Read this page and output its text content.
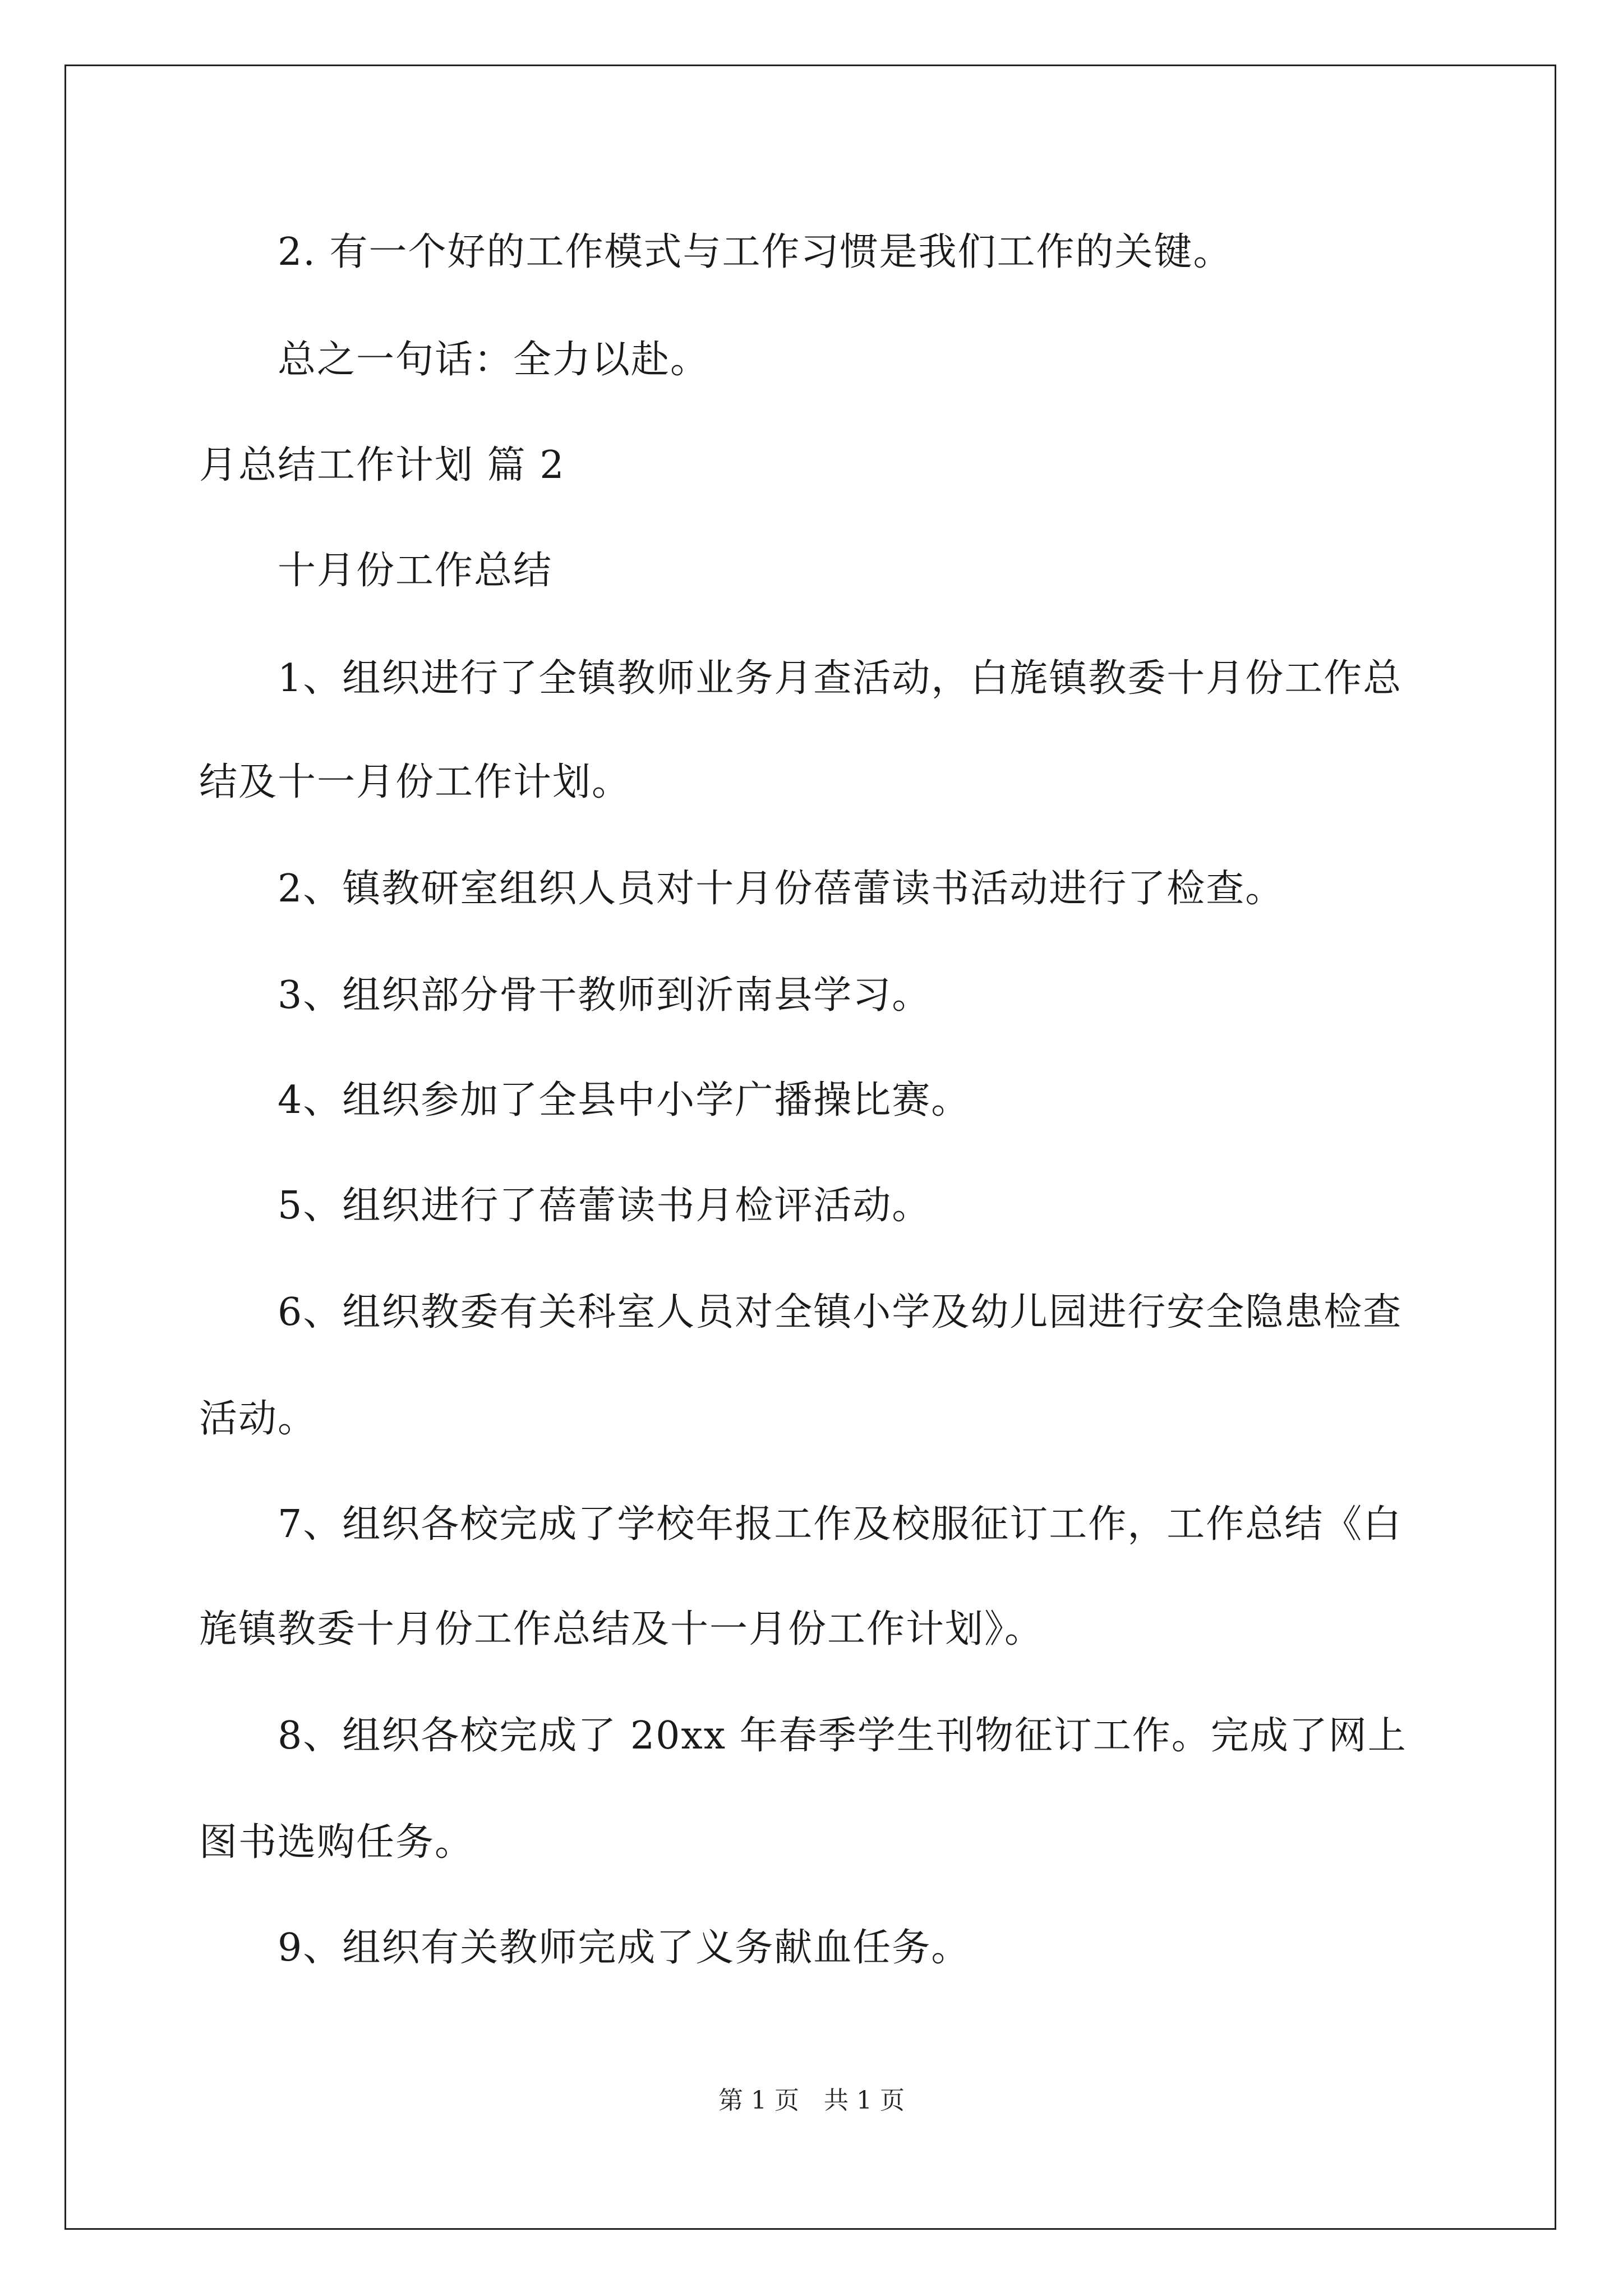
2. 有一个好的工作模式与工作习惯是我们工作的关键。
总之一句话：全力以赴。
月总结工作计划 篇 2
十月份工作总结
1、组织进行了全镇教师业务月查活动，白旄镇教委十月份工作总
结及十一月份工作计划。
2、镇教研室组织人员对十月份蓓蕾读书活动进行了检查。
3、组织部分骨干教师到沂南县学习。
4、组织参加了全县中小学广播操比赛。
5、组织进行了蓓蕾读书月检评活动。
6、组织教委有关科室人员对全镇小学及幼儿园进行安全隐患检查
活动。
7、组织各校完成了学校年报工作及校服征订工作，工作总结《白
旄镇教委十月份工作总结及十一月份工作计划》。
8、组织各校完成了 20xx 年春季学生刊物征订工作。完成了网上
图书选购任务。
9、组织有关教师完成了义务献血任务。
第 1 页　共 1 页
